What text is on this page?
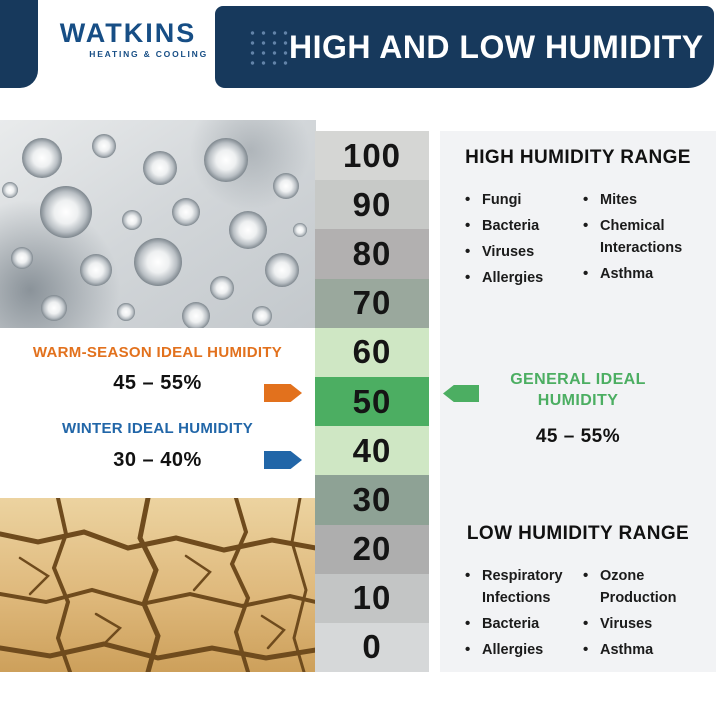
WATKINS
HEATING & COOLING	HIGH AND LOW HUMIDITY
100
90
80
70
60
50
40
30
20
10
0
HIGH HUMIDITY RANGE
• Fungi
• Bacteria
• Viruses
• Allergies
• Mites
• Chemical Interactions
• Asthma
GENERAL IDEAL HUMIDITY
45 – 55%
LOW HUMIDITY RANGE
• Respiratory Infections
• Bacteria
• Allergies
• Ozone Production
• Viruses
• Asthma
WARM-SEASON IDEAL HUMIDITY
45 – 55%
WINTER IDEAL HUMIDITY
30 – 40%
